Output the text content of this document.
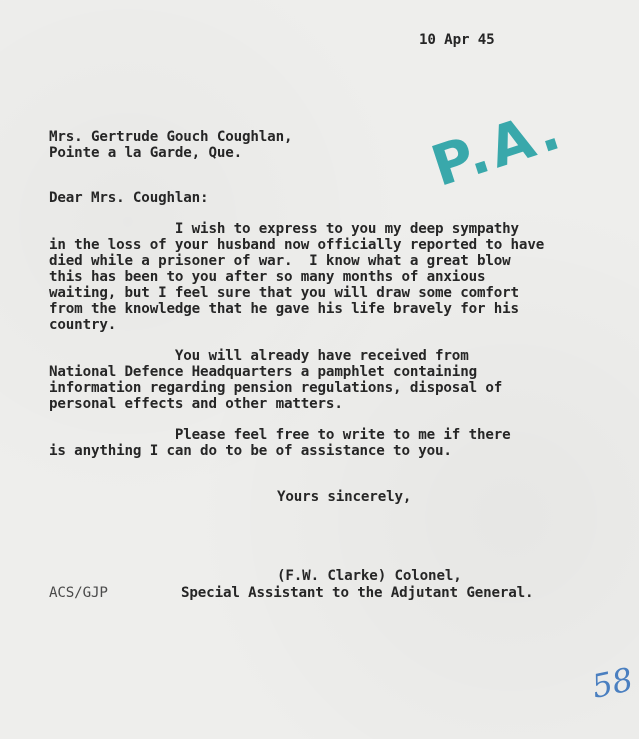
10 Apr 45
Mrs. Gertrude Gouch Coughlan,
Pointe a la Garde, Que.	P.A.
Dear Mrs. Coughlan:
I wish to express to you my deep sympathy
in the loss of your husband now officially reported to have
died while a prisoner of war.  I know what a great blow
this has been to you after so many months of anxious
waiting, but I feel sure that you will draw some comfort
from the knowledge that he gave his life bravely for his
country.
You will already have received from
National Defence Headquarters a pamphlet containing
information regarding pension regulations, disposal of
personal effects and other matters.
Please feel free to write to me if there
is anything I can do to be of assistance to you.
Yours sincerely,
(F.W. Clarke) Colonel,
ACS/GJP	Special Assistant to the Adjutant General.
58
